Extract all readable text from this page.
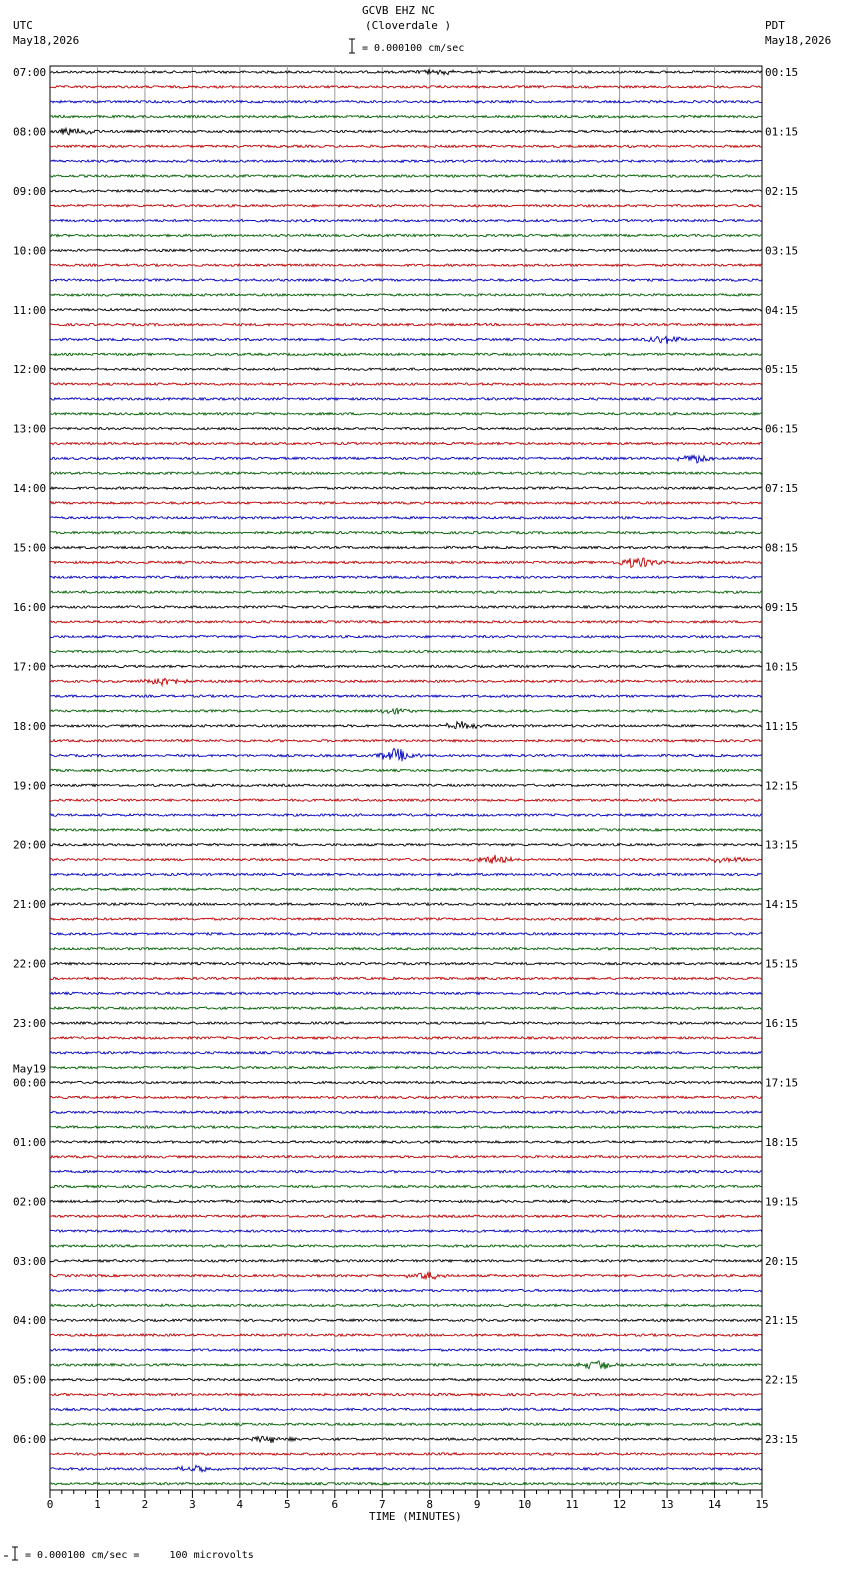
GCVB EHZ NC
(Cloverdale )
= 0.000100 cm/sec
UTC
May18,2026
PDT
May18,2026
TIME (MINUTES)
= 0.000100 cm/sec =     100 microvolts
07:00
08:00
09:00
10:00
11:00
12:00
13:00
14:00
15:00
16:00
17:00
18:00
19:00
20:00
21:00
22:00
23:00
00:00
01:00
02:00
03:00
04:00
05:00
06:00
May19
00:15
01:15
02:15
03:15
04:15
05:15
06:15
07:15
08:15
09:15
10:15
11:15
12:15
13:15
14:15
15:15
16:15
17:15
18:15
19:15
20:15
21:15
22:15
23:15
0	1	2	3	4	5	6	7	8	9	10	11	12	13	14	15
